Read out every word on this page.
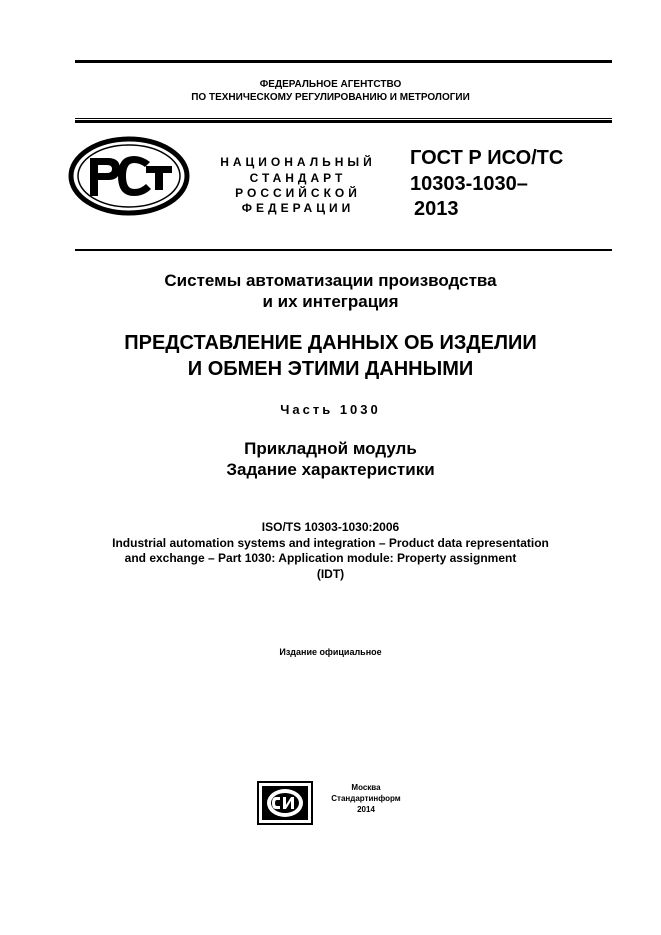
ФЕДЕРАЛЬНОЕ АГЕНТСТВО
ПО ТЕХНИЧЕСКОМУ РЕГУЛИРОВАНИЮ И МЕТРОЛОГИИ
НАЦИОНАЛЬНЫЙ
СТАНДАРТ
РОССИЙСКОЙ
ФЕДЕРАЦИИ
ГОСТ Р ИСО/ТС
10303-1030–
2013
Системы автоматизации производства
и их интеграция
ПРЕДСТАВЛЕНИЕ ДАННЫХ ОБ ИЗДЕЛИИ
И ОБМЕН ЭТИМИ ДАННЫМИ
Часть 1030
Прикладной модуль
Задание характеристики
ISO/TS 10303-1030:2006
Industrial automation systems and integration – Product data representation
and exchange – Part 1030: Application module: Property assignment
(IDT)
Издание официальное
Москва
Стандартинформ
2014
